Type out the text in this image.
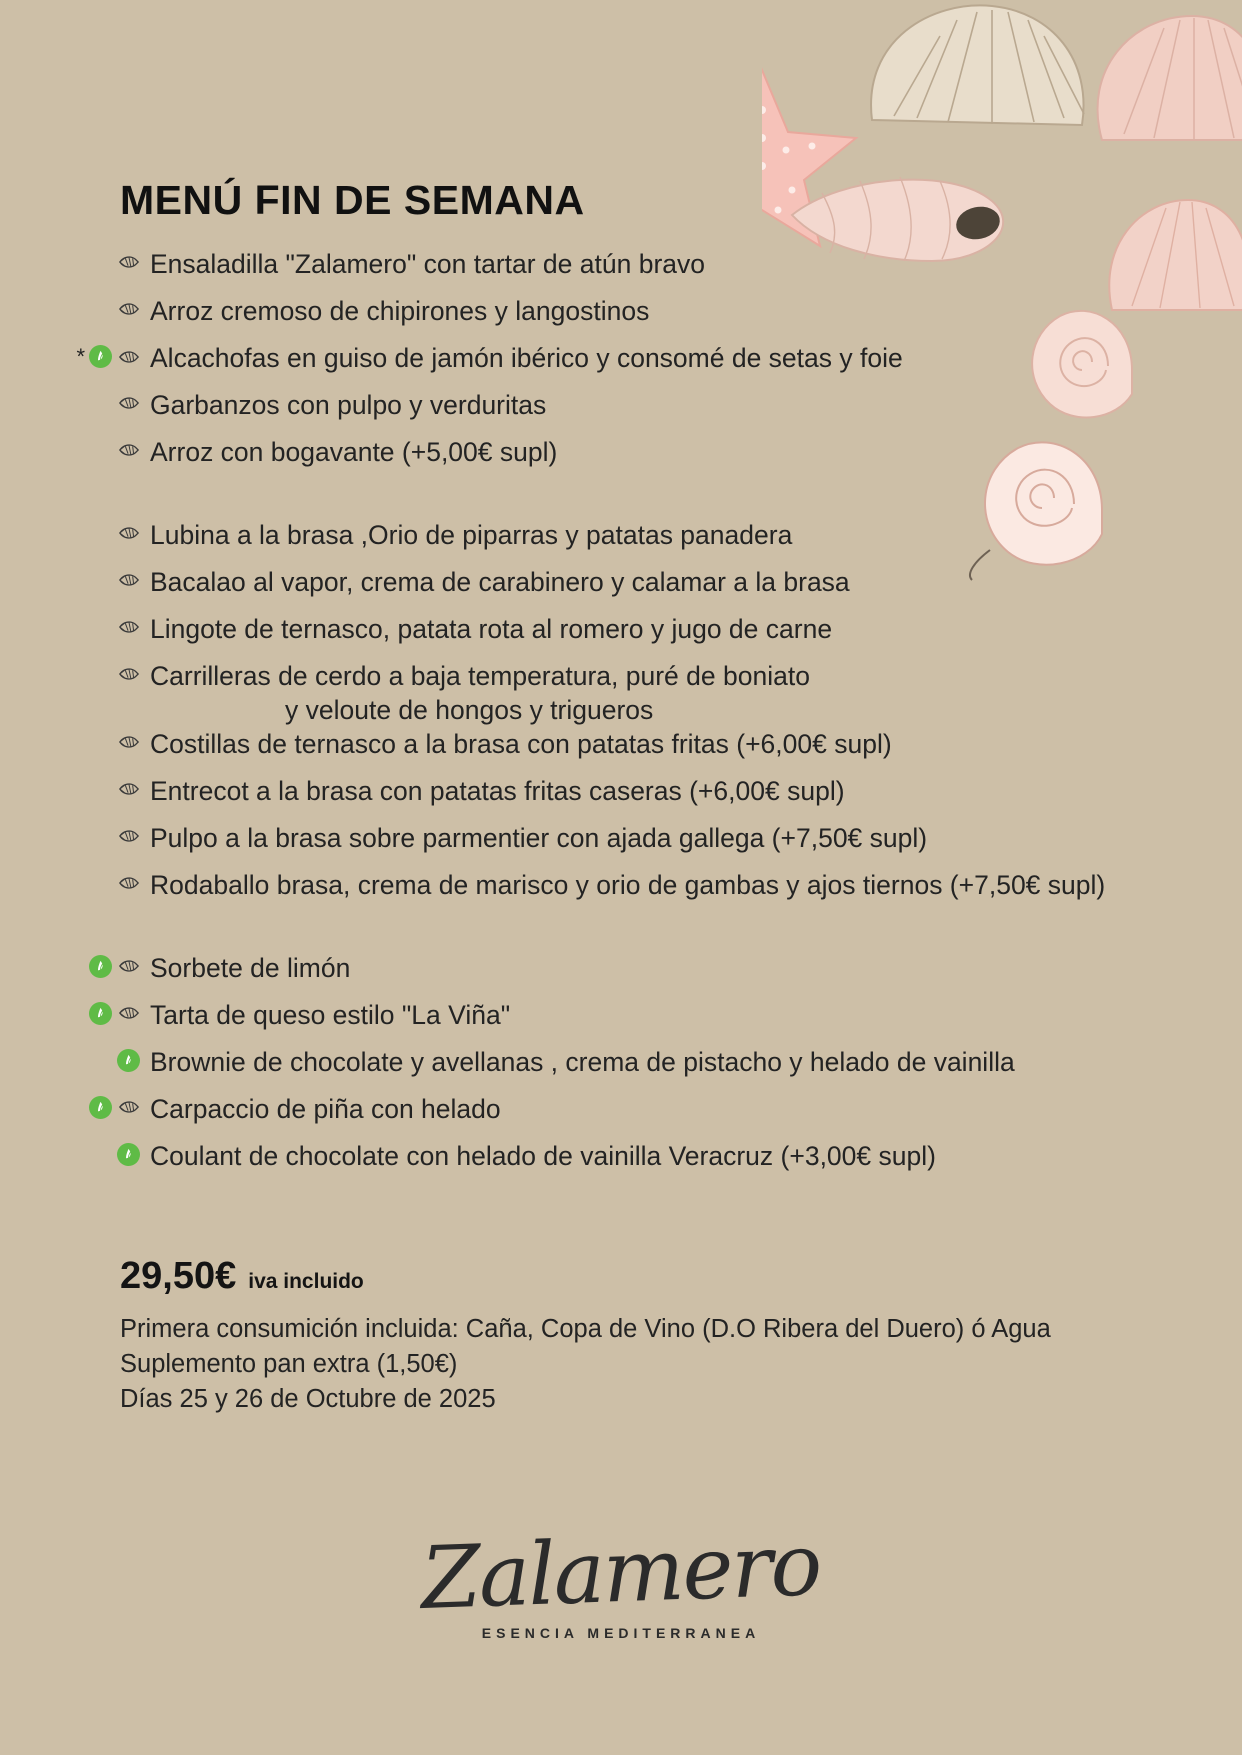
MENÚ FIN DE SEMANA
Ensaladilla "Zalamero" con tartar de atún bravo
Arroz cremoso de chipirones y langostinos
* Alcachofas en guiso de jamón ibérico y consomé de setas y foie
Garbanzos con pulpo y verduritas
Arroz con bogavante (+5,00€ supl)
Lubina a la brasa ,Orio de piparras y patatas panadera
Bacalao al vapor, crema de carabinero y calamar a la brasa
Lingote de ternasco, patata rota al romero y jugo de carne
Carrilleras de cerdo a baja temperatura, puré de boniato
y veloute de hongos y trigueros
Costillas de ternasco a la brasa con patatas fritas (+6,00€ supl)
Entrecot a la brasa con patatas fritas caseras (+6,00€ supl)
Pulpo a la brasa sobre parmentier con ajada gallega (+7,50€ supl)
Rodaballo brasa, crema de marisco y orio de gambas y ajos tiernos (+7,50€ supl)
Sorbete de limón
Tarta de queso estilo "La Viña"
Brownie de chocolate y avellanas , crema de pistacho y helado de vainilla
Carpaccio de piña con helado
Coulant de chocolate con helado de vainilla Veracruz (+3,00€ supl)
29,50€ iva incluido
Primera consumición incluida: Caña, Copa de Vino (D.O Ribera del Duero) ó Agua
Suplemento pan extra (1,50€)
Días 25 y 26 de Octubre de 2025
Zalamero
ESENCIA MEDITERRANEA
